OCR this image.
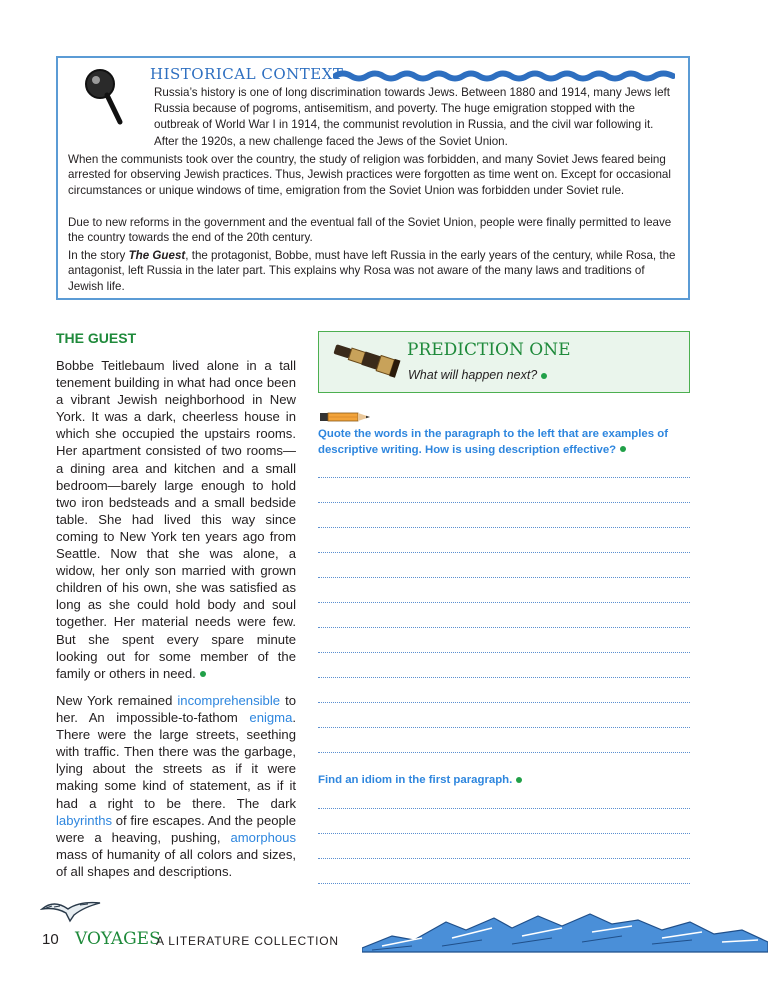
HISTORICAL CONTEXT

Russia’s history is one of long discrimination towards Jews. Between 1880 and 1914, many Jews left Russia because of pogroms, antisemitism, and poverty. The huge emigration stopped with the outbreak of World War I in 1914, the communist revolution in Russia, and the civil war following it. After the 1920s, a new challenge faced the Jews of the Soviet Union.

When the communists took over the country, the study of religion was forbidden, and many Soviet Jews feared being arrested for observing Jewish practices. Thus, Jewish practices were forgotten as time went on. Except for occasional circumstances or unique windows of time, emigration from the Soviet Union was forbidden under Soviet rule.

Due to new reforms in the government and the eventual fall of the Soviet Union, people were finally permitted to leave the country towards the end of the 20th century.

In the story The Guest, the protagonist, Bobbe, must have left Russia in the early years of the century, while Rosa, the antagonist, left Russia in the later part. This explains why Rosa was not aware of the many laws and traditions of Jewish life.

THE GUEST

Bobbe Teitlebaum lived alone in a tall tenement building in what had once been a vibrant Jewish neighborhood in New York. It was a dark, cheerless house in which she occupied the upstairs rooms. Her apartment consisted of two rooms—a dining area and kitchen and a small bedroom—barely large enough to hold two iron bedsteads and a small bedside table. She had lived this way since coming to New York ten years ago from Seattle. Now that she was alone, a widow, her only son married with grown children of his own, she was satisfied as long as she could hold body and soul together. Her material needs were few. But she spent every spare minute looking out for some member of the family or others in need.

New York remained incomprehensible to her. An impossible-to-fathom enigma. There were the large streets, seething with traffic. Then there was the garbage, lying about the streets as if it were making some kind of statement, as if it had a right to be there. The dark labyrinths of fire escapes. And the people were a heaving, pushing, amorphous mass of humanity of all colors and sizes, of all shapes and descriptions.

PREDICTION ONE
What will happen next?

Quote the words in the paragraph to the left that are examples of descriptive writing. How is using description effective?

Find an idiom in the first paragraph.

10 VOYAGES
A LITERATURE COLLECTION
